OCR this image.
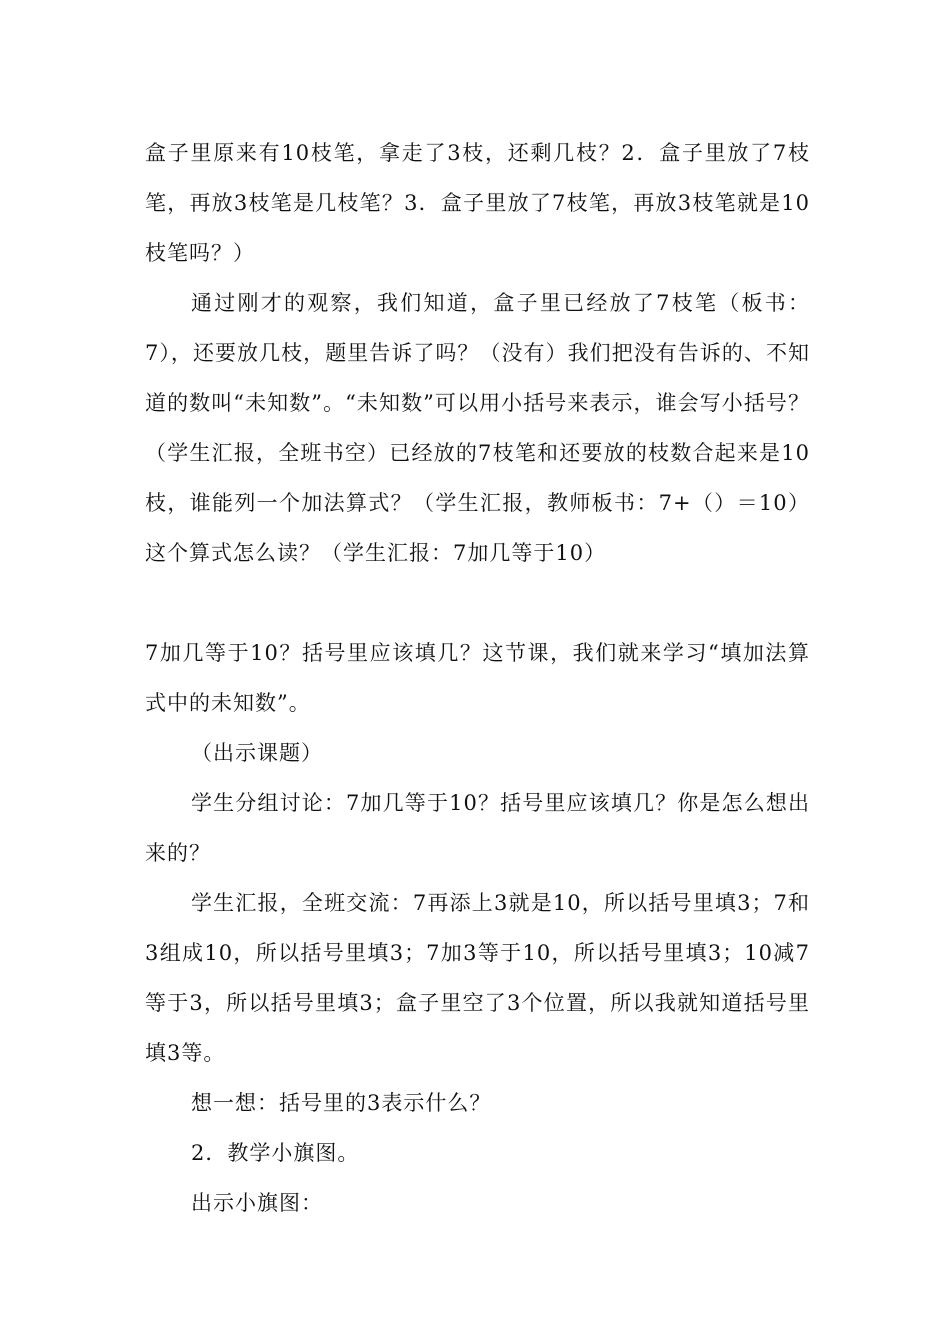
盒子里原来有10枝笔，拿走了3枝，还剩几枝？2．盒子里放了7枝笔，再放3枝笔是几枝笔？3．盒子里放了7枝笔，再放3枝笔就是10枝笔吗？）

通过刚才的观察，我们知道，盒子里已经放了7枝笔（板书：7），还要放几枝，题里告诉了吗？（没有）我们把没有告诉的、不知道的数叫“未知数”。“未知数”可以用小括号来表示，谁会写小括号？（学生汇报，全班书空）已经放的7枝笔和还要放的枝数合起来是10枝，谁能列一个加法算式？（学生汇报，教师板书：7+（）＝10）这个算式怎么读？（学生汇报：7加几等于10）

7加几等于10？括号里应该填几？这节课，我们就来学习“填加法算式中的未知数”。

（出示课题）

学生分组讨论：7加几等于10？括号里应该填几？你是怎么想出来的？

学生汇报，全班交流：7再添上3就是10，所以括号里填3；7和3组成10，所以括号里填3；7加3等于10，所以括号里填3；10减7等于3，所以括号里填3；盒子里空了3个位置，所以我就知道括号里填3等。

想一想：括号里的3表示什么？

2．教学小旗图。

出示小旗图：
